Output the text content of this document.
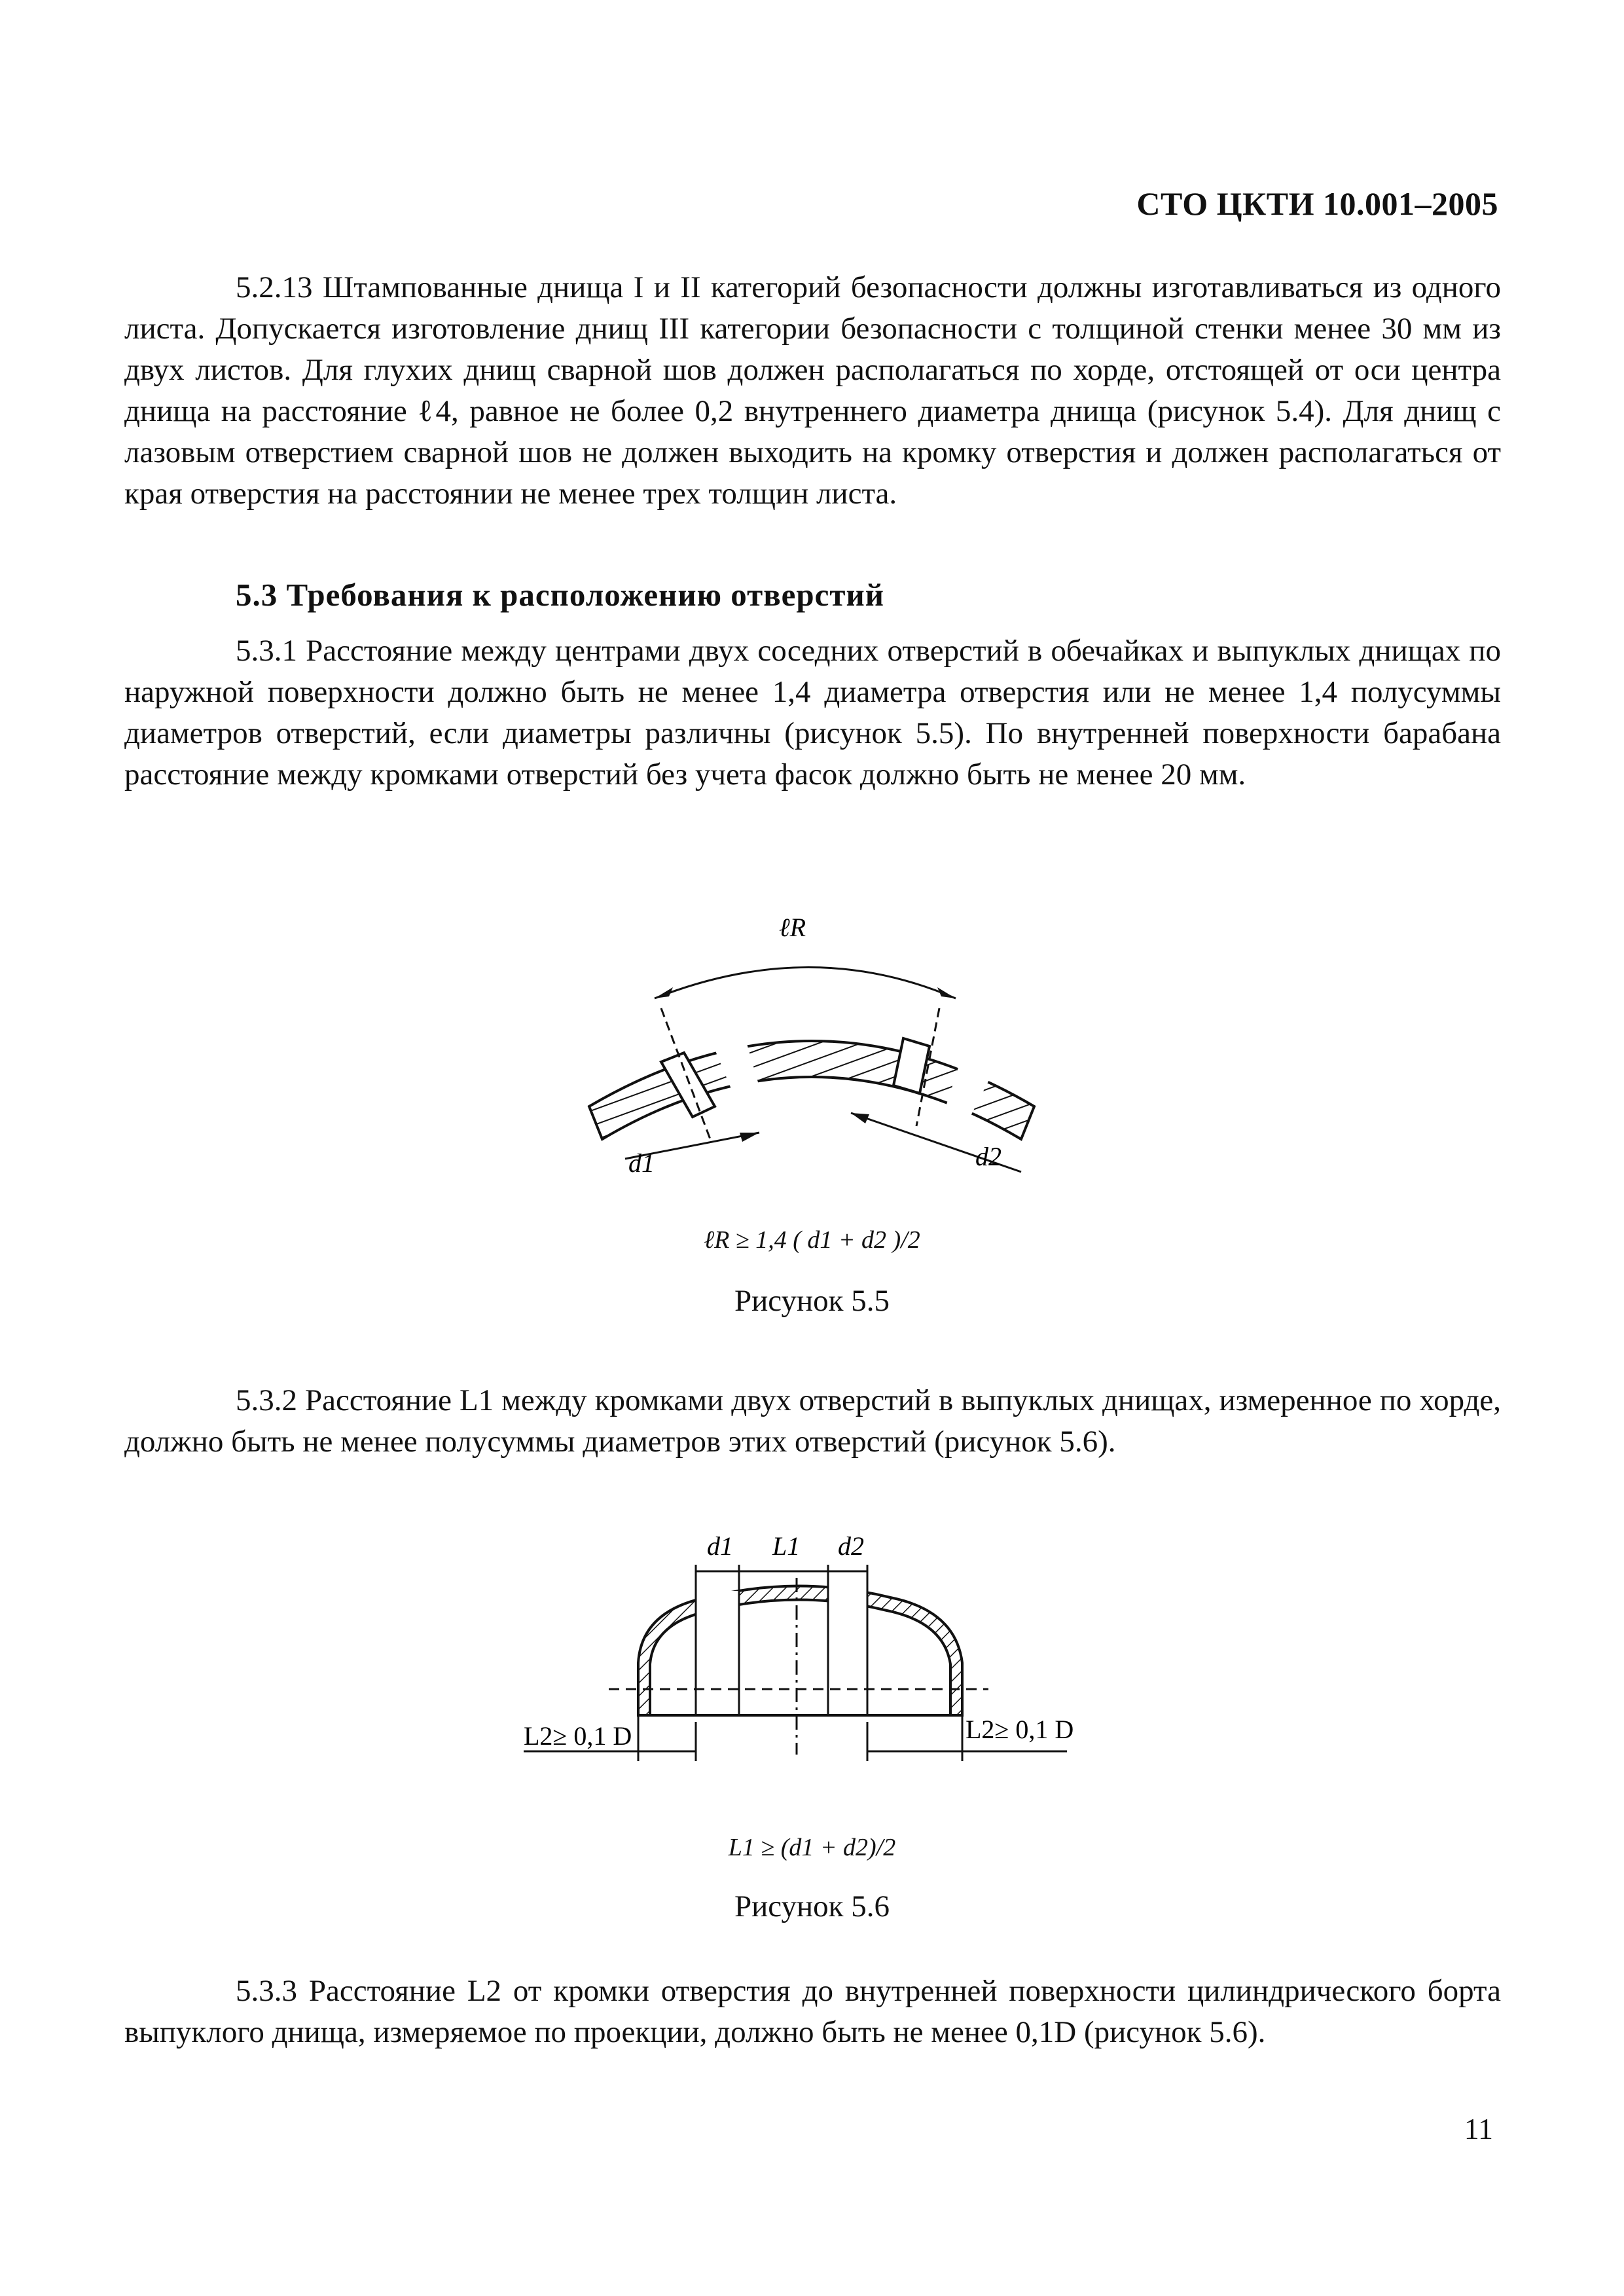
СТО ЦКТИ 10.001–2005

5.2.13 Штампованные днища I и II категорий безопасности должны изготавливаться из одного листа. Допускается изготовление днищ III категории безопасности с толщиной стенки менее 30 мм из двух листов. Для глухих днищ сварной шов должен располагаться по хорде, отстоящей от оси центра днища на расстояние ℓ4, равное не более 0,2 внутреннего диаметра днища (рисунок 5.4). Для днищ с лазовым отверстием сварной шов не должен выходить на кромку отверстия и должен располагаться от края отверстия на расстоянии не менее трех толщин листа.

5.3 Требования к расположению отверстий

5.3.1 Расстояние между центрами двух соседних отверстий в обечайках и выпуклых днищах по наружной поверхности должно быть не менее 1,4 диаметра отверстия или не менее 1,4 полусуммы диаметров отверстий, если диаметры различны (рисунок 5.5). По внутренней поверхности барабана расстояние между кромками отверстий без учета фасок должно быть не менее 20 мм.

ℓR
d1	d2
ℓR ≥ 1,4 ( d1 + d2 )/2
Рисунок 5.5

5.3.2 Расстояние L1 между кромками двух отверстий в выпуклых днищах, измеренное по хорде, должно быть не менее полусуммы диаметров этих отверстий (рисунок 5.6).

d1 L1 d2
L2≥ 0,1 D	L2≥ 0,1 D
L1 ≥ (d1 + d2)/2
Рисунок 5.6

5.3.3 Расстояние L2 от кромки отверстия до внутренней поверхности цилиндрического борта выпуклого днища, измеряемое по проекции, должно быть не менее 0,1D (рисунок 5.6).

11
